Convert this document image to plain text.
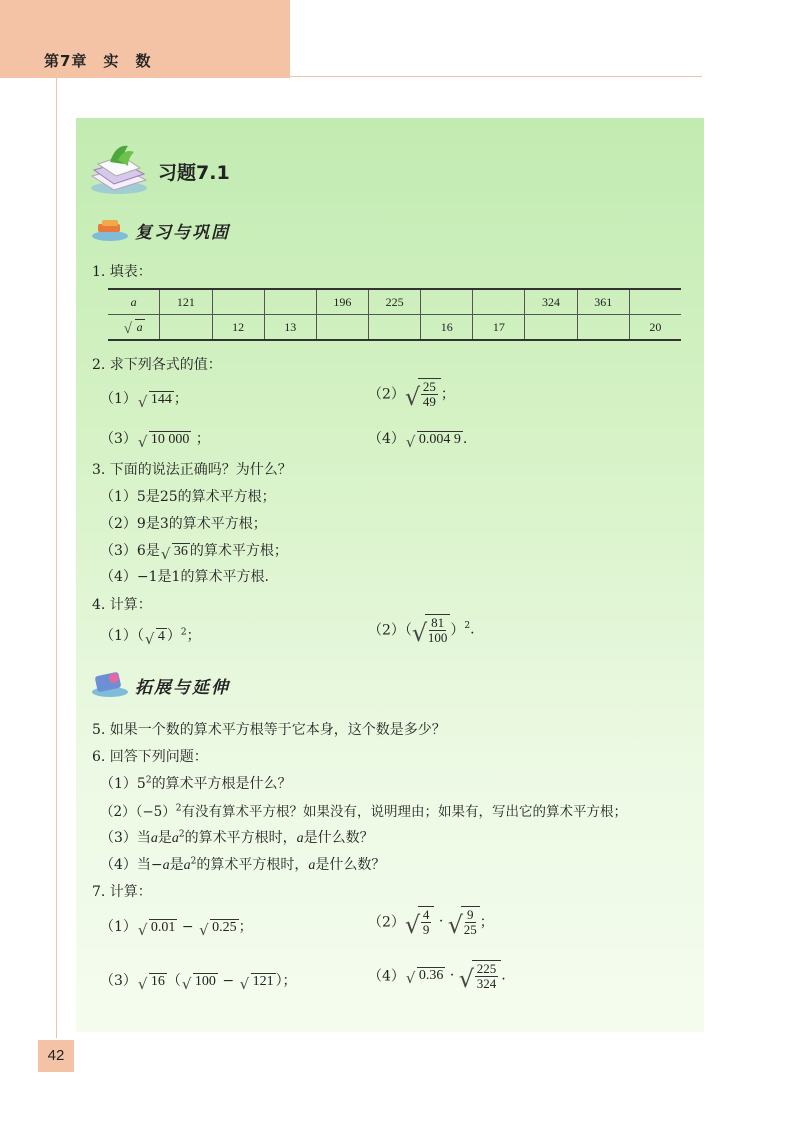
第7章　实　数
42
习题7.1
复习与巩固
1. 填表：
a	121			196	225			324	361	

√ a		12	13			16	17			20
2. 求下列各式的值：
（1） √ 144 ；	（2） √
$\frac{25}{49}$ ；
（3） √ 10 000 ；	（4） √ 0.004 9 .
3. 下面的说法正确吗？为什么？
（1）5是25的算术平方根；
（2）9是3的算术平方根；
（3）6是 √ 36 的算术平方根；
（4）−1是1的算术平方根.
4. 计算：
（1）（ √ 4 ）$^2$；	（2）（ √
$\frac{81}{100} )^2$.
拓展与延伸
5. 如果一个数的算术平方根等于它本身，这个数是多少？
6. 回答下列问题：
$(1)5^2$的算术平方根是什么？
$(2)(-5)^2$有没有算术平方根？如果没有，说明理由；如果有，写出它的算术平方根；
（3）当a是$a^2$的算术平方根时，a是什么数？
（4）当−a是$a^2$的算术平方根时，a是什么数？
7. 计算：
（1） √ 0.01 − √ 0.25 ；	（2） √
$\frac{4}{9}$ · √
$\frac{9}{25}$ ；
（3） √ 16 （ √ 100 − √ 121 ）；	（4） √ 0.36 · √
$\frac{225}{324}$ .
